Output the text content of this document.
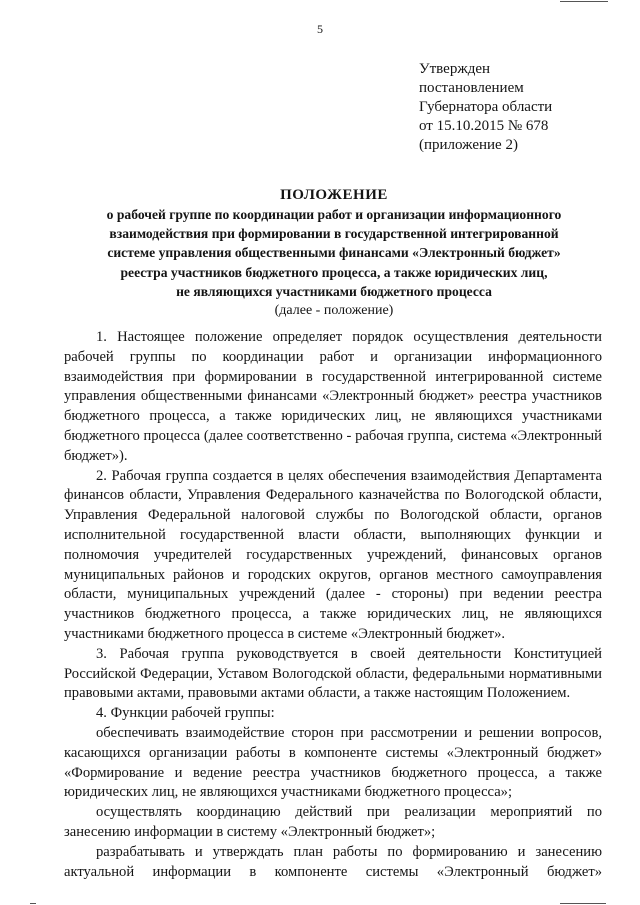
5
Утвержден
постановлением
Губернатора области
от 15.10.2015 № 678
(приложение 2)
ПОЛОЖЕНИЕ
о рабочей группе по координации работ и организации информационного
взаимодействия при формировании в государственной интегрированной
системе управления общественными финансами «Электронный бюджет»
реестра участников бюджетного процесса, а также юридических лиц,
не являющихся участниками бюджетного процесса
(далее - положение)

1. Настоящее положение определяет порядок осуществления деятельности рабочей группы по координации работ и организации информационного взаимодействия при формировании в государственной интегрированной системе управления общественными финансами «Электронный бюджет» реестра участников бюджетного процесса, а также юридических лиц, не являющихся участниками бюджетного процесса (далее соответственно - рабочая группа, система «Электронный бюджет»).

2. Рабочая группа создается в целях обеспечения взаимодействия Департамента финансов области, Управления Федерального казначейства по Вологодской области, Управления Федеральной налоговой службы по Вологодской области, органов исполнительной государственной власти области, выполняющих функции и полномочия учредителей государственных учреждений, финансовых органов муниципальных районов и городских округов, органов местного самоуправления области, муниципальных учреждений (далее - стороны) при ведении реестра участников бюджетного процесса, а также юридических лиц, не являющихся участниками бюджетного процесса в системе «Электронный бюджет».

3. Рабочая группа руководствуется в своей деятельности Конституцией Российской Федерации, Уставом Вологодской области, федеральными нормативными правовыми актами, правовыми актами области, а также настоящим Положением.

4. Функции рабочей группы:

обеспечивать взаимодействие сторон при рассмотрении и решении вопросов, касающихся организации работы в компоненте системы «Электронный бюджет» «Формирование и ведение реестра участников бюджетного процесса, а также юридических лиц, не являющихся участниками бюджетного процесса»;

осуществлять координацию действий при реализации мероприятий по занесению информации в систему «Электронный бюджет»;

разрабатывать и утверждать план работы по формированию и занесению актуальной информации в компоненте системы «Электронный бюджет»
